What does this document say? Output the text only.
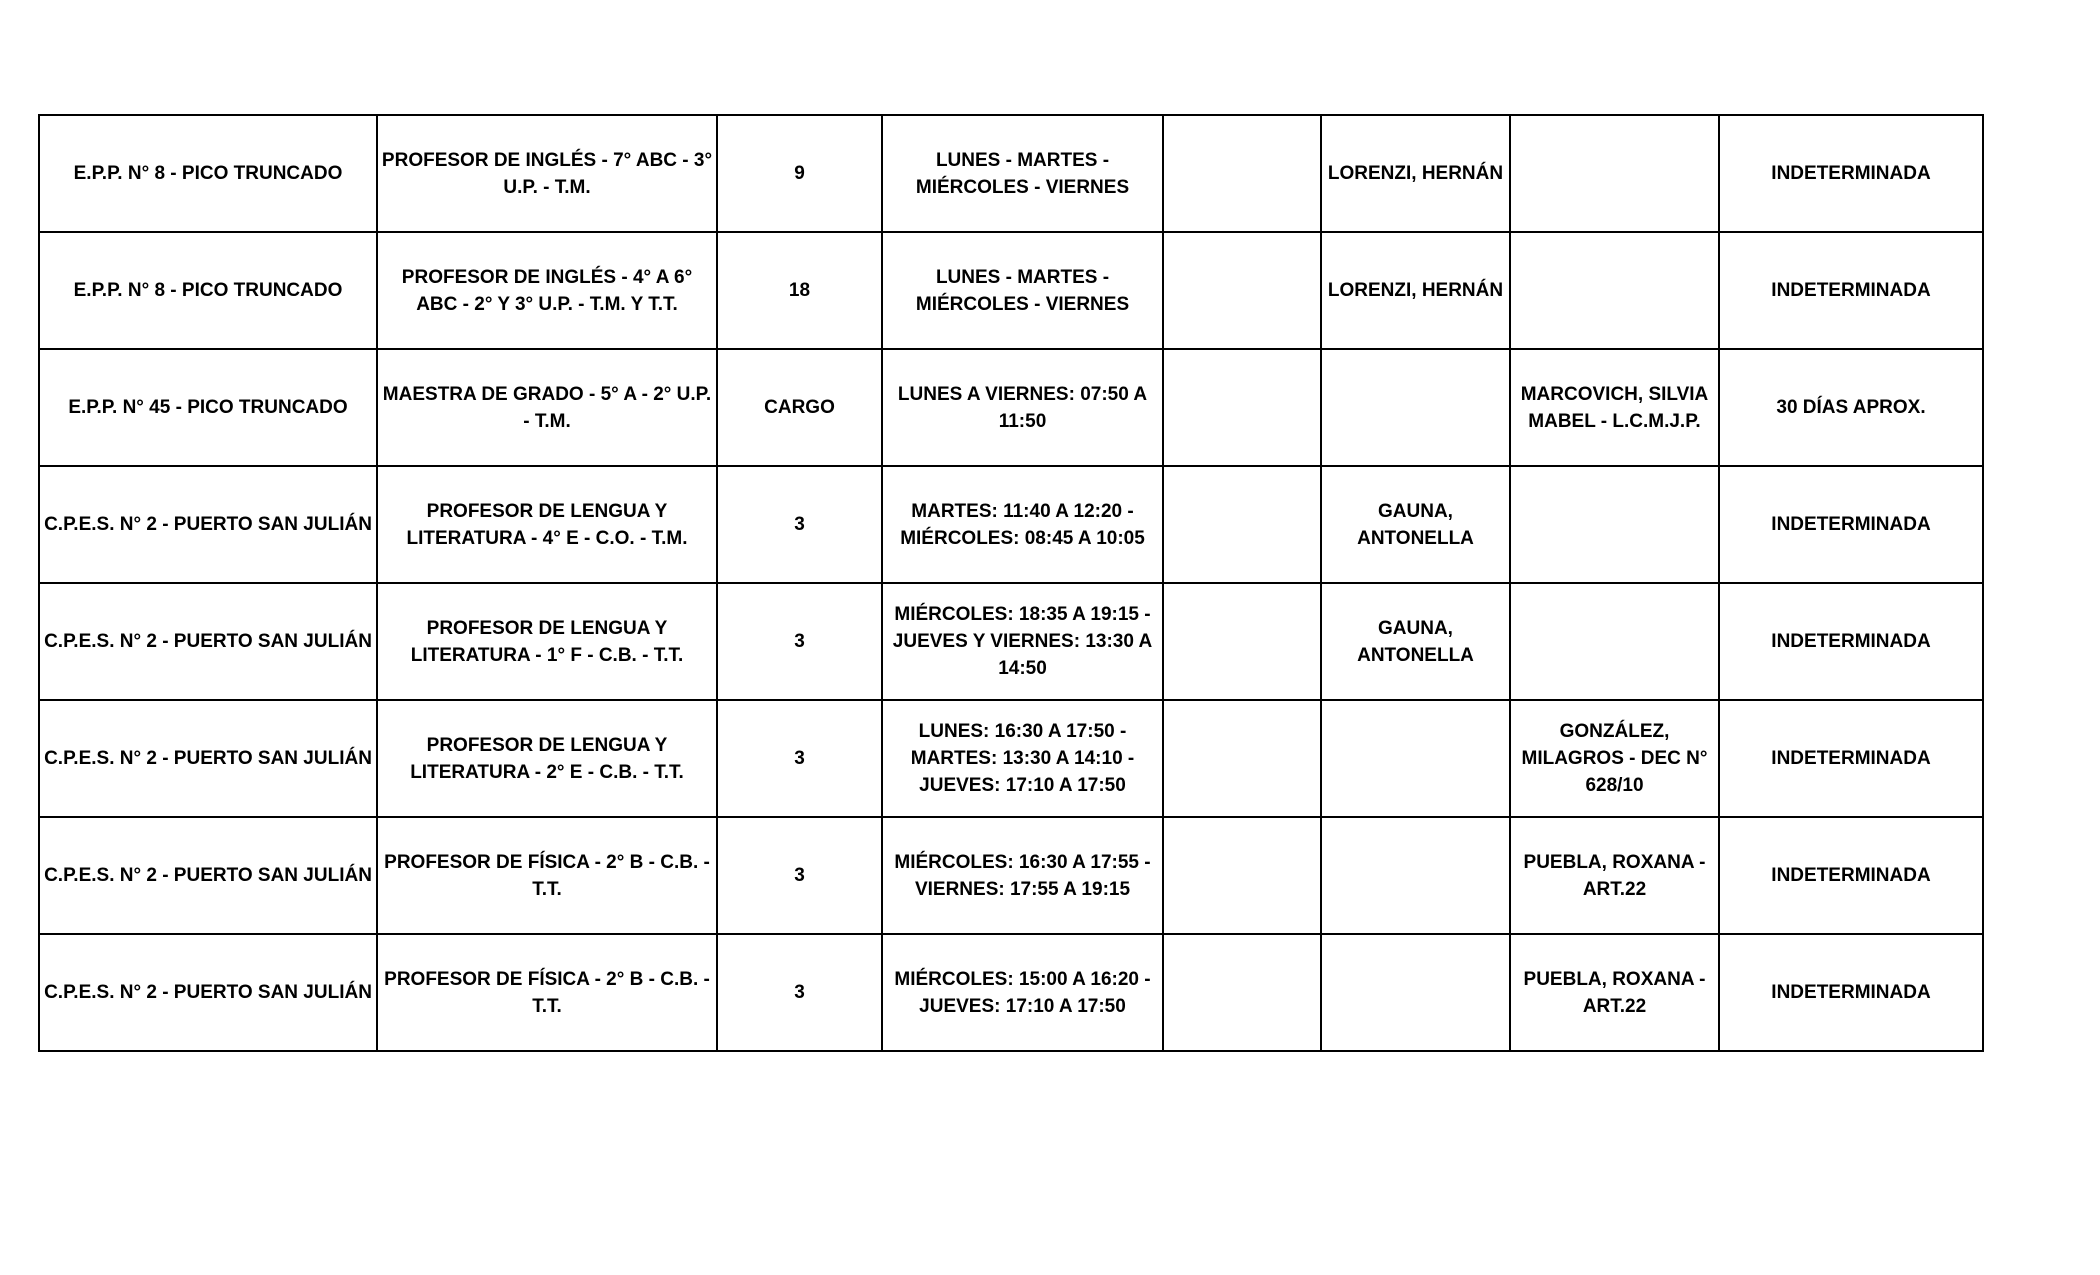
E.P.P. N° 8 - PICO TRUNCADO	PROFESOR DE INGLÉS - 7° ABC - 3° U.P. - T.M.	9	LUNES - MARTES - MIÉRCOLES - VIERNES		LORENZI, HERNÁN		INDETERMINADA
E.P.P. N° 8 - PICO TRUNCADO	PROFESOR DE INGLÉS - 4° A 6° ABC - 2° Y 3° U.P. - T.M. Y T.T.	18	LUNES - MARTES - MIÉRCOLES - VIERNES		LORENZI, HERNÁN		INDETERMINADA
E.P.P. N° 45 - PICO TRUNCADO	MAESTRA DE GRADO - 5° A - 2° U.P. - T.M.	CARGO	LUNES A VIERNES: 07:50 A 11:50			MARCOVICH, SILVIA MABEL - L.C.M.J.P.	30 DÍAS APROX.
C.P.E.S. N° 2 - PUERTO SAN JULIÁN	PROFESOR DE LENGUA Y LITERATURA - 4° E - C.O. - T.M.	3	MARTES: 11:40 A 12:20 - MIÉRCOLES: 08:45 A 10:05		GAUNA, ANTONELLA		INDETERMINADA
C.P.E.S. N° 2 - PUERTO SAN JULIÁN	PROFESOR DE LENGUA Y LITERATURA - 1° F - C.B. - T.T.	3	MIÉRCOLES: 18:35 A 19:15 - JUEVES Y VIERNES: 13:30 A 14:50		GAUNA, ANTONELLA		INDETERMINADA
C.P.E.S. N° 2 - PUERTO SAN JULIÁN	PROFESOR DE LENGUA Y LITERATURA - 2° E - C.B. - T.T.	3	LUNES: 16:30 A 17:50 - MARTES: 13:30 A 14:10 - JUEVES: 17:10 A 17:50			GONZÁLEZ, MILAGROS - DEC N° 628/10	INDETERMINADA
C.P.E.S. N° 2 - PUERTO SAN JULIÁN	PROFESOR DE FÍSICA - 2° B - C.B. - T.T.	3	MIÉRCOLES: 16:30 A 17:55 - VIERNES: 17:55 A 19:15			PUEBLA, ROXANA - ART.22	INDETERMINADA
C.P.E.S. N° 2 - PUERTO SAN JULIÁN	PROFESOR DE FÍSICA - 2° B - C.B. - T.T.	3	MIÉRCOLES: 15:00 A 16:20 - JUEVES: 17:10 A 17:50			PUEBLA, ROXANA - ART.22	INDETERMINADA
